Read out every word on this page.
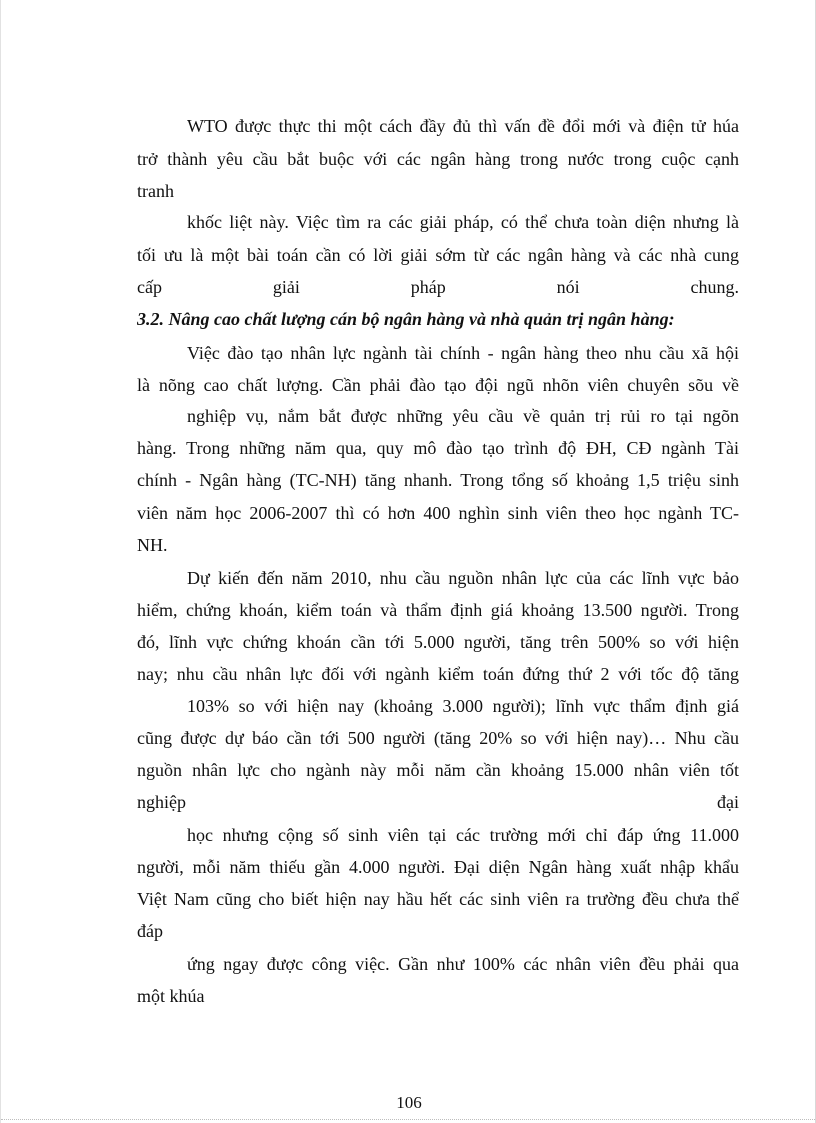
WTO được thực thi một cách đầy đủ thì vấn đề đổi mới và điện tử húa
trở thành yêu cầu bắt buộc với các ngân hàng trong nước trong cuộc cạnh
tranh
khốc liệt này. Việc tìm ra các giải pháp, có thể chưa toàn diện nhưng là
tối ưu là một bài toán cần có lời giải sớm từ các ngân hàng và các nhà cung
cấp giải pháp nói chung.
3.2. Nâng cao chất lượng cán bộ ngân hàng và nhà quản trị ngân hàng:
Việc đào tạo nhân lực ngành tài chính - ngân hàng theo nhu cầu xã hội
là nõng cao chất lượng. Cần phải đào tạo đội ngũ nhõn viên chuyên sõu về
nghiệp vụ, nắm bắt được những yêu cầu về quản trị rủi ro tại ngõn
hàng. Trong những năm qua, quy mô đào tạo trình độ ĐH, CĐ ngành Tài
chính - Ngân hàng (TC-NH) tăng nhanh. Trong tổng số khoảng 1,5 triệu sinh
viên năm học 2006-2007 thì có hơn 400 nghìn sinh viên theo học ngành TC-
NH.
Dự kiến đến năm 2010, nhu cầu nguồn nhân lực của các lĩnh vực bảo
hiểm, chứng khoán, kiểm toán và thẩm định giá khoảng 13.500 người. Trong
đó, lĩnh vực chứng khoán cần tới 5.000 người, tăng trên 500% so với hiện
nay; nhu cầu nhân lực đối với ngành kiểm toán đứng thứ 2 với tốc độ tăng
103% so với hiện nay (khoảng 3.000 người); lĩnh vực thẩm định giá
cũng được dự báo cần tới 500 người (tăng 20% so với hiện nay)… Nhu cầu
nguồn nhân lực cho ngành này mỗi năm cần khoảng 15.000 nhân viên tốt
nghiệp đại
học nhưng cộng số sinh viên tại các trường mới chỉ đáp ứng 11.000
người, mỗi năm thiếu gần 4.000 người. Đại diện Ngân hàng xuất nhập khẩu
Việt Nam cũng cho biết hiện nay hầu hết các sinh viên ra trường đều chưa thể
đáp
ứng ngay được công việc. Gần như 100% các nhân viên đều phải qua
một khúa
106
